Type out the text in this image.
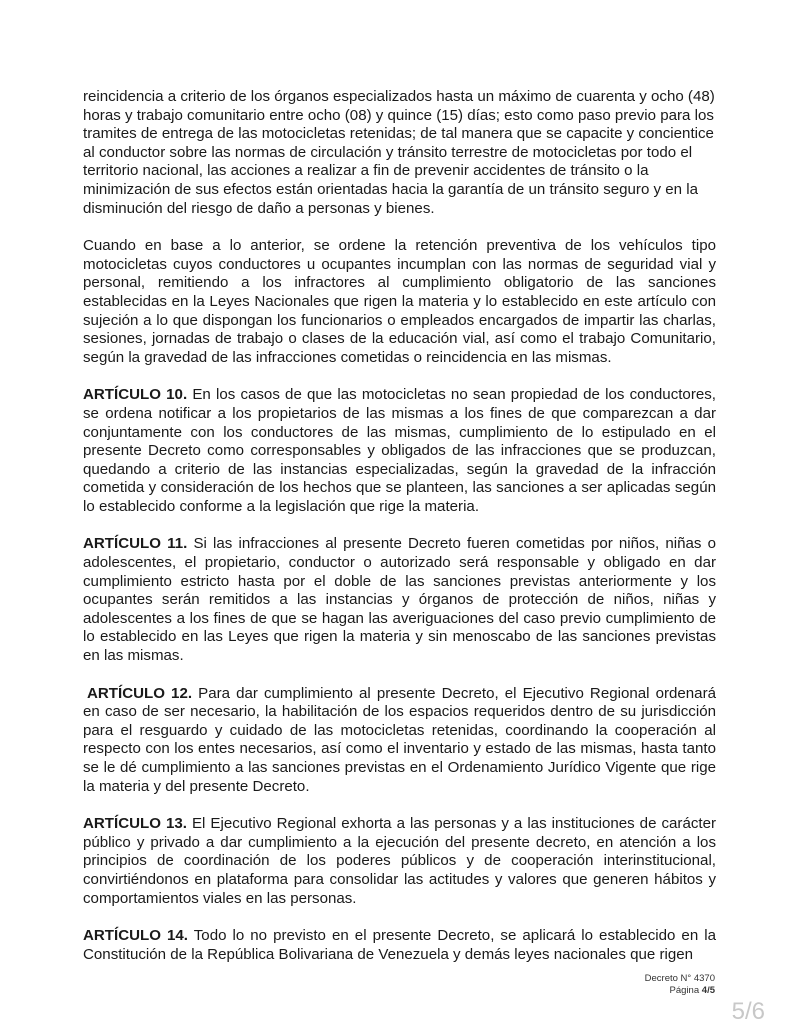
reincidencia a criterio de los órganos especializados hasta un máximo de cuarenta y ocho (48) horas y trabajo comunitario entre ocho (08) y quince (15) días; esto como paso previo para los tramites de entrega de las motocicletas retenidas; de tal manera que se capacite y concientice al conductor sobre las normas de circulación y tránsito terrestre de motocicletas por todo el territorio nacional, las acciones a realizar a fin de prevenir accidentes de tránsito o la minimización de sus efectos están orientadas hacia la garantía de un tránsito seguro y en la disminución del riesgo de daño a personas y bienes.

Cuando en base a lo anterior, se ordene la retención preventiva de los vehículos tipo motocicletas cuyos conductores u ocupantes incumplan con las normas de seguridad vial y personal, remitiendo a los infractores al cumplimiento obligatorio de las sanciones establecidas en la Leyes Nacionales que rigen la materia y lo establecido en este artículo con sujeción a lo que dispongan los funcionarios o empleados encargados de impartir las charlas, sesiones, jornadas de trabajo o clases de la educación vial, así como el trabajo Comunitario, según la gravedad de las infracciones cometidas o reincidencia en las mismas.

ARTÍCULO 10. En los casos de que las motocicletas no sean propiedad de los conductores, se ordena notificar a los propietarios de las mismas a los fines de que comparezcan a dar conjuntamente con los conductores de las mismas, cumplimiento de lo estipulado en el presente Decreto como corresponsables y obligados de las infracciones que se produzcan, quedando a criterio de las instancias especializadas, según la gravedad de la infracción cometida y consideración de los hechos que se planteen, las sanciones a ser aplicadas según lo establecido conforme a la legislación que rige la materia.

ARTÍCULO 11. Si las infracciones al presente Decreto fueren cometidas por niños, niñas o adolescentes, el propietario, conductor o autorizado será responsable y obligado en dar cumplimiento estricto hasta por el doble de las sanciones previstas anteriormente y los ocupantes serán remitidos a las instancias y órganos de protección de niños, niñas y adolescentes a los fines de que se hagan las averiguaciones del caso previo cumplimiento de lo establecido en las Leyes que rigen la materia y sin menoscabo de las sanciones previstas en las mismas.

ARTÍCULO 12. Para dar cumplimiento al presente Decreto, el Ejecutivo Regional ordenará en caso de ser necesario, la habilitación de los espacios requeridos dentro de su jurisdicción para el resguardo y cuidado de las motocicletas retenidas, coordinando la cooperación al respecto con los entes necesarios, así como el inventario y estado de las mismas, hasta tanto se le dé cumplimiento a las sanciones previstas en el Ordenamiento Jurídico Vigente que rige la materia y del presente Decreto.

ARTÍCULO 13. El Ejecutivo Regional exhorta a las personas y a las instituciones de carácter público y privado a dar cumplimiento a la ejecución del presente decreto, en atención a los principios de coordinación de los poderes públicos y de cooperación interinstitucional, convirtiéndonos en plataforma para consolidar las actitudes y valores que generen hábitos y comportamientos viales en las personas.

ARTÍCULO 14. Todo lo no previsto en el presente Decreto, se aplicará lo establecido en la Constitución de la República Bolivariana de Venezuela y demás leyes nacionales que rigen

Decreto N° 4370
Página 4/5
5/6
